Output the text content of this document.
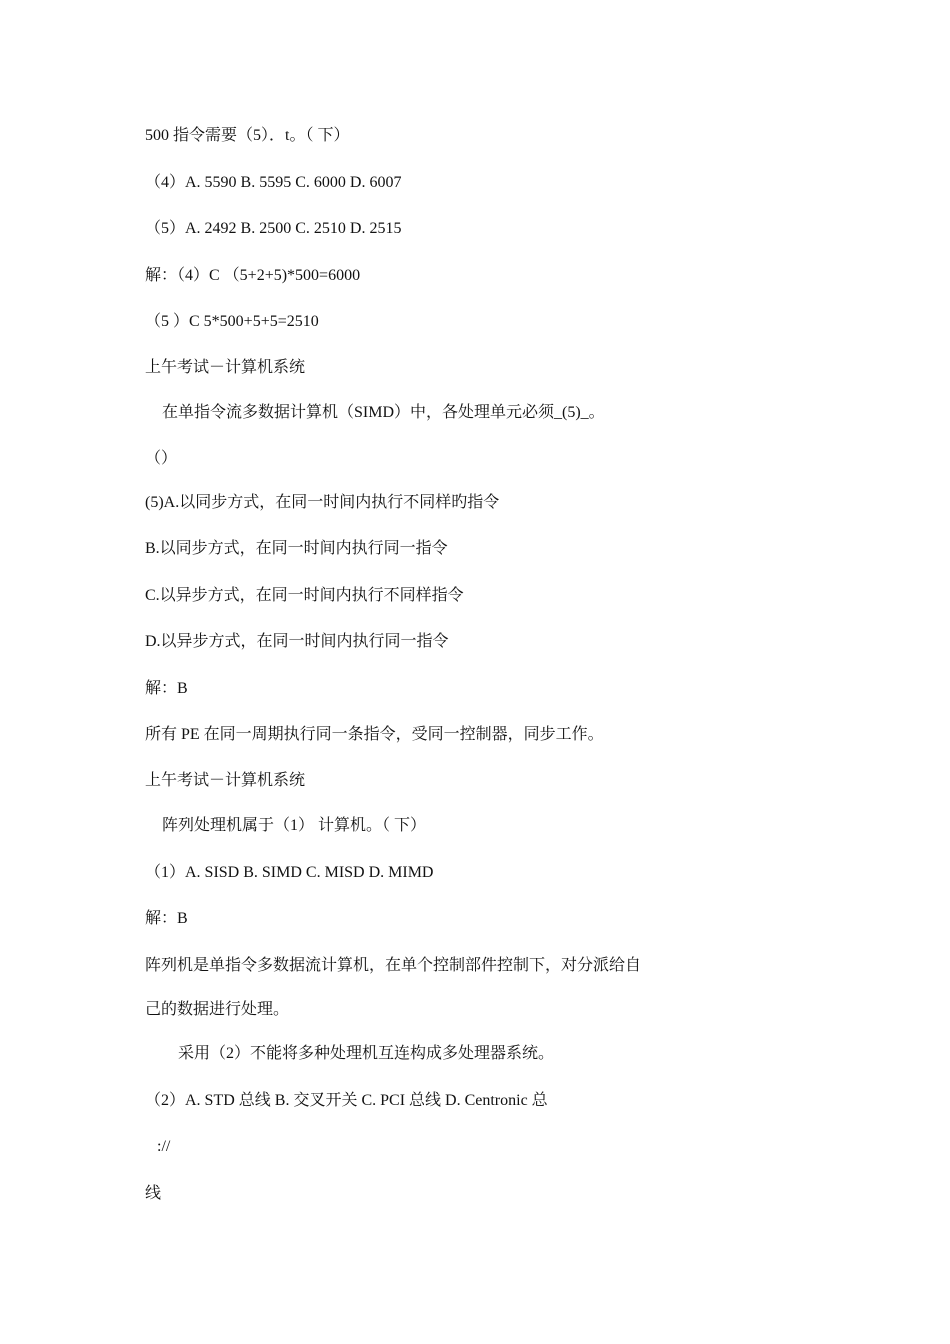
500 指令需要（5）．t。（ 下）
（4）A. 5590 B. 5595 C. 6000 D. 6007
（5）A. 2492 B. 2500 C. 2510 D. 2515
解：（4）C （5+2+5)*500=6000
（5 ）C 5*500+5+5=2510
上午考试－计算机系统
在单指令流多数据计算机（SIMD）中，各处理单元必须_(5)_。
（）
(5)A.以同步方式，在同一时间内执行不同样旳指令
B.以同步方式，在同一时间内执行同一指令
C.以异步方式，在同一时间内执行不同样指令
D.以异步方式，在同一时间内执行同一指令
解：B
所有 PE 在同一周期执行同一条指令，受同一控制器，同步工作。
上午考试－计算机系统
阵列处理机属于（1） 计算机。（ 下）
（1）A. SISD B. SIMD C. MISD D. MIMD
解：B
阵列机是单指令多数据流计算机，在单个控制部件控制下，对分派给自
己的数据进行处理。
采用（2）不能将多种处理机互连构成多处理器系统。
（2）A. STD 总线 B. 交叉开关 C. PCI 总线 D. Centronic 总
://
线
